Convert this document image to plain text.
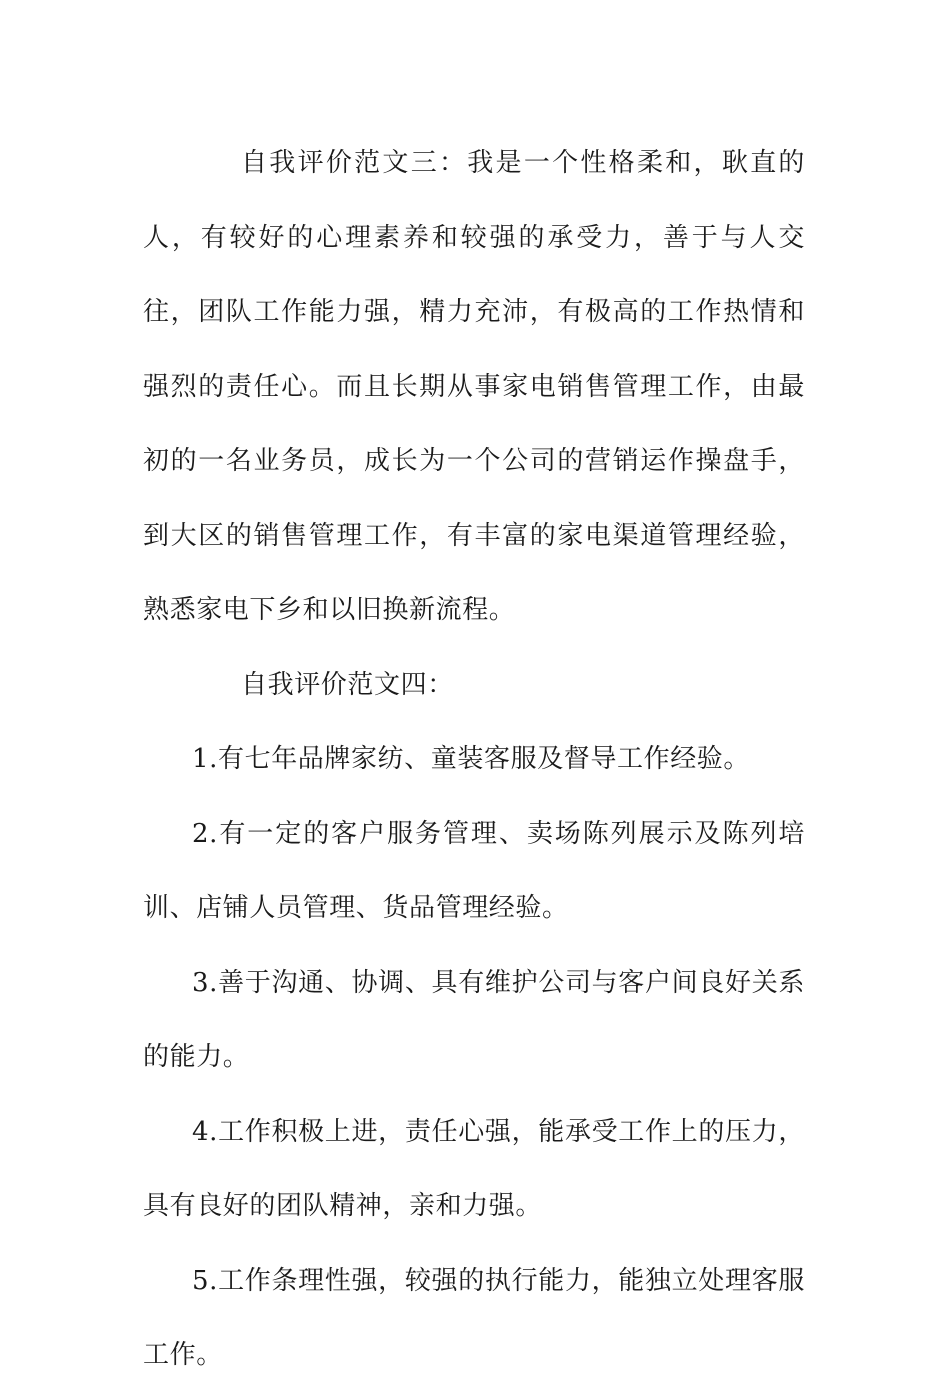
自我评价范文三：我是一个性格柔和，耿直的人，有较好的心理素养和较强的承受力，善于与人交往，团队工作能力强，精力充沛，有极高的工作热情和强烈的责任心。而且长期从事家电销售管理工作，由最初的一名业务员，成长为一个公司的营销运作操盘手，到大区的销售管理工作，有丰富的家电渠道管理经验，熟悉家电下乡和以旧换新流程。

自我评价范文四：

1.有七年品牌家纺、童装客服及督导工作经验。

2.有一定的客户服务管理、卖场陈列展示及陈列培训、店铺人员管理、货品管理经验。

3.善于沟通、协调、具有维护公司与客户间良好关系的能力。

4.工作积极上进，责任心强，能承受工作上的压力，具有良好的团队精神，亲和力强。

5.工作条理性强，较强的执行能力，能独立处理客服工作。
